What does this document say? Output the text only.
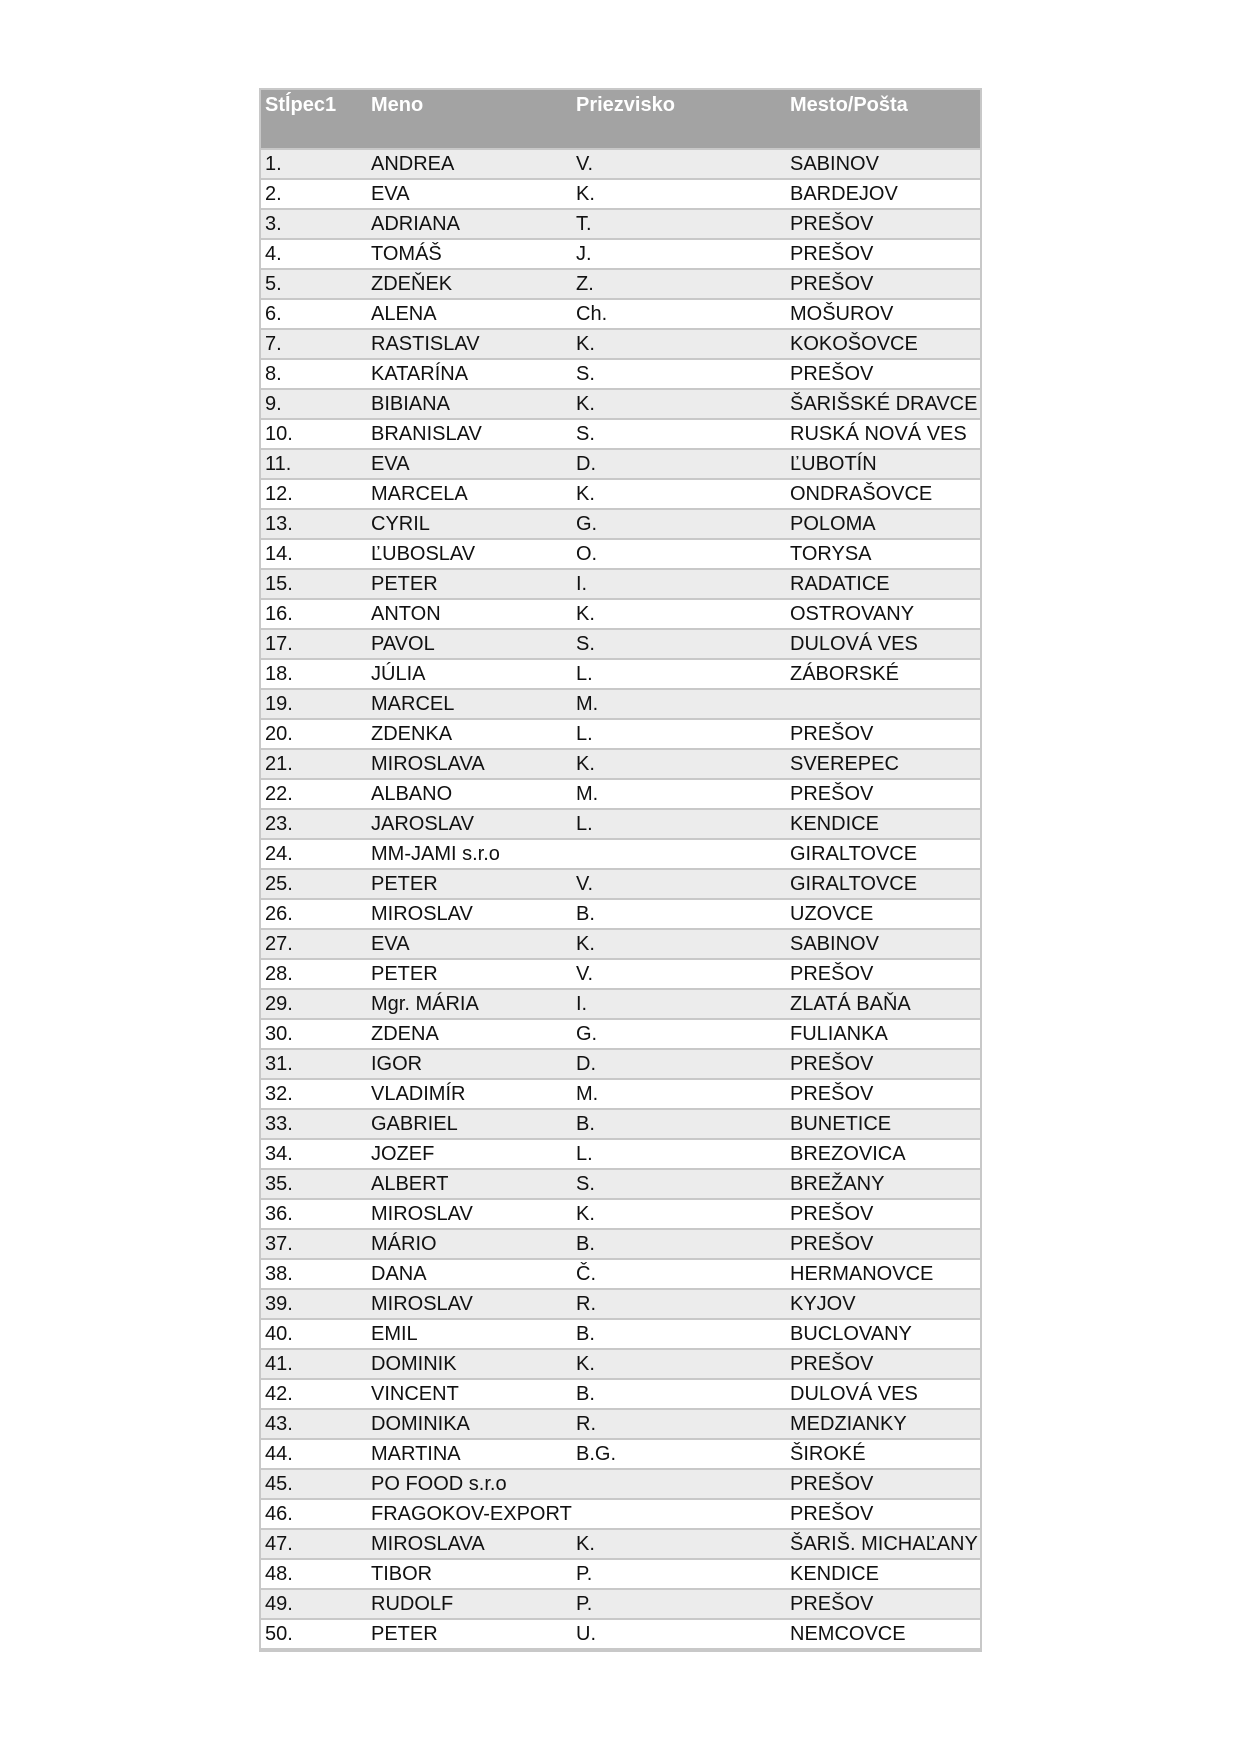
Stĺpec1	Meno	Priezvisko	Mesto/Pošta

1.	ANDREA	V.	SABINOV
2.	EVA	K.	BARDEJOV
3.	ADRIANA	T.	PREŠOV
4.	TOMÁŠ	J.	PREŠOV
5.	ZDEŇEK	Z.	PREŠOV
6.	ALENA	Ch.	MOŠUROV
7.	RASTISLAV	K.	KOKOŠOVCE
8.	KATARÍNA	S.	PREŠOV
9.	BIBIANA	K.	ŠARIŠSKÉ DRAVCE
10.	BRANISLAV	S.	RUSKÁ NOVÁ VES
11.	EVA	D.	ĽUBOTÍN
12.	MARCELA	K.	ONDRAŠOVCE
13.	CYRIL	G.	POLOMA
14.	ĽUBOSLAV	O.	TORYSA
15.	PETER	I.	RADATICE
16.	ANTON	K.	OSTROVANY
17.	PAVOL	S.	DULOVÁ VES
18.	JÚLIA	L.	ZÁBORSKÉ
19.	MARCEL	M.	
20.	ZDENKA	L.	PREŠOV
21.	MIROSLAVA	K.	SVEREPEC
22.	ALBANO	M.	PREŠOV
23.	JAROSLAV	L.	KENDICE
24.	MM-JAMI s.r.o		GIRALTOVCE
25.	PETER	V.	GIRALTOVCE
26.	MIROSLAV	B.	UZOVCE
27.	EVA	K.	SABINOV
28.	PETER	V.	PREŠOV
29.	Mgr. MÁRIA	I.	ZLATÁ BAŇA
30.	ZDENA	G.	FULIANKA
31.	IGOR	D.	PREŠOV
32.	VLADIMÍR	M.	PREŠOV
33.	GABRIEL	B.	BUNETICE
34.	JOZEF	L.	BREZOVICA
35.	ALBERT	S.	BREŽANY
36.	MIROSLAV	K.	PREŠOV
37.	MÁRIO	B.	PREŠOV
38.	DANA	Č.	HERMANOVCE
39.	MIROSLAV	R.	KYJOV
40.	EMIL	B.	BUCLOVANY
41.	DOMINIK	K.	PREŠOV
42.	VINCENT	B.	DULOVÁ VES
43.	DOMINIKA	R.	MEDZIANKY
44.	MARTINA	B.G.	ŠIROKÉ
45.	PO FOOD s.r.o		PREŠOV
46.	FRAGOKOV-EXPORT		PREŠOV
47.	MIROSLAVA	K.	ŠARIŠ. MICHAĽANY
48.	TIBOR	P.	KENDICE
49.	RUDOLF	P.	PREŠOV
50.	PETER	U.	NEMCOVCE
